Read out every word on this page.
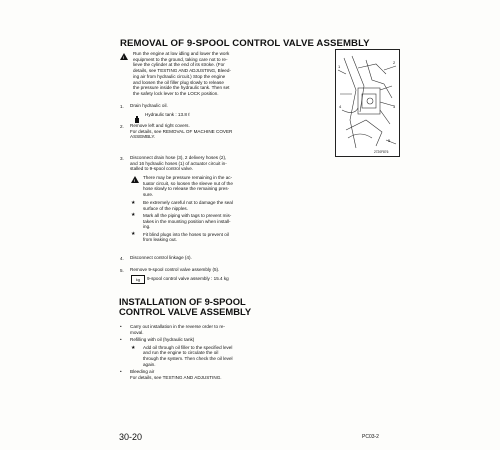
REMOVAL OF 9-SPOOL CONTROL VALVE ASSEMBLY
!
Run the engine at low idling and lower the work
equipment to the ground, taking care not to re-
lieve the cylinder at the end of its stroke. (For
details, see TESTING AND ADJUSTING, Bleed-
ing air from hydraulic circuit.) Stop the engine
and loosen the oil filler plug slowly to release
the pressure inside the hydraulic tank. Then set
the safety lock lever to the LOCK position.
1
2
3
4
5
2720F876
1. Drain hydraulic oil.
Hydraulic tank : 13.8 ℓ
2. Remove left and right covers.
For details, see REMOVAL OF MACHINE COVER
ASSEMBLY.
3. Disconnect drain hose (3), 2 delivery hoses (2),
and 16 hydraulic hoses (1) of actuator circuit in-
stalled to 9-spool control valve.
! There may be pressure remaining in the ac-
tuator circuit, so loosen the sleeve nut of the
hose slowly to release the remaining pres-
sure.
★ Be extremely careful not to damage the seal
surface of the nipples.
★ Mark all the piping with tags to prevent mis-
takes in the mounting position when install-
ing.
★ Fit blind plugs into the hoses to prevent oil
from leaking out.
4. Disconnect control linkage (4).
5. Remove 9-spool control valve assembly (5).
kg	9-spool control valve assembly : 15.4 kg
INSTALLATION OF 9-SPOOL
CONTROL VALVE ASSEMBLY
• Carry out installation in the reverse order to re-
moval.
• Refilling with oil (hydraulic tank)
★ Add oil through oil filler to the specified level
and run the engine to circulate the oil
through the system. Then check the oil level
again.
• Bleeding air
For details, see TESTING AND ADJUSTING.
30-20	PC03-2
